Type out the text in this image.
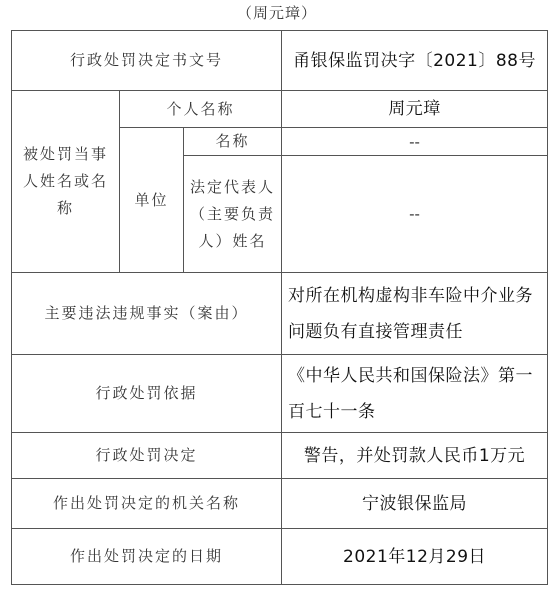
（周元璋）
行政处罚决定书文号			甬银保监罚决字〔2021〕88号
被处罚当事人姓名或名称	个人名称		周元璋
	单位	名称	--
		法定代表人（主要负责人）姓名	--
主要违法违规事实（案由）			对所在机构虚构非车险中介业务问题负有直接管理责任
行政处罚依据			《中华人民共和国保险法》第一百七十一条
行政处罚决定			警告，并处罚款人民币1万元
作出处罚决定的机关名称			宁波银保监局
作出处罚决定的日期			2021年12月29日
